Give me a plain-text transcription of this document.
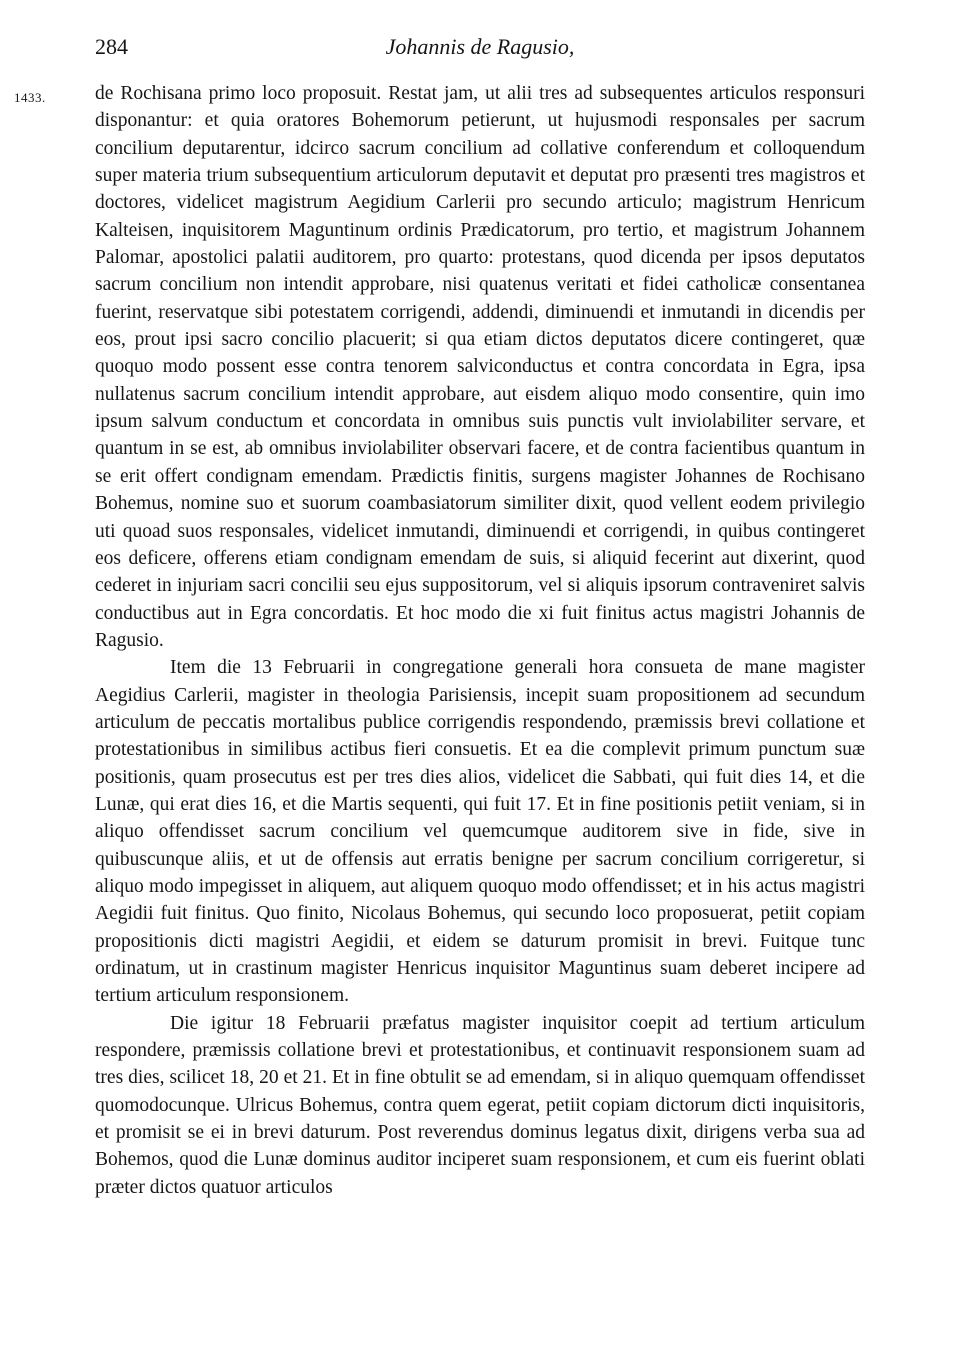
284	Johannis de Ragusio,
1433.	de Rochisana primo loco proposuit. Restat jam, ut alii tres ad subsequentes articulos responsuri disponantur: et quia oratores Bohemorum petierunt, ut hujusmodi responsales per sacrum concilium deputarentur, idcirco sacrum concilium ad collative conferendum et colloquendum super materia trium subsequentium articulorum deputavit et deputat pro præsenti tres magistros et doctores, videlicet magistrum Aegidium Carlerii pro secundo articulo; magistrum Henricum Kalteisen, inquisitorem Maguntinum ordinis Prædicatorum, pro tertio, et magistrum Johannem Palomar, apostolici palatii auditorem, pro quarto: protestans, quod dicenda per ipsos deputatos sacrum concilium non intendit approbare, nisi quatenus veritati et fidei catholicæ consentanea fuerint, reservatque sibi potestatem corrigendi, addendi, diminuendi et inmutandi in dicendis per eos, prout ipsi sacro concilio placuerit; si qua etiam dictos deputatos dicere contingeret, quæ quoquo modo possent esse contra tenorem salviconductus et contra concordata in Egra, ipsa nullatenus sacrum concilium intendit approbare, aut eisdem aliquo modo consentire, quin imo ipsum salvum conductum et concordata in omnibus suis punctis vult inviolabiliter servare, et quantum in se est, ab omnibus inviolabiliter observari facere, et de contra facientibus quantum in se erit offert condignam emendam. Prædictis finitis, surgens magister Johannes de Rochisano Bohemus, nomine suo et suorum coambasiatorum similiter dixit, quod vellent eodem privilegio uti quoad suos responsales, videlicet inmutandi, diminuendi et corrigendi, in quibus contingeret eos deficere, offerens etiam condignam emendam de suis, si aliquid fecerint aut dixerint, quod cederet in injuriam sacri concilii seu ejus suppositorum, vel si aliquis ipsorum contraveniret salvis conductibus aut in Egra concordatis. Et hoc modo die xi fuit finitus actus magistri Johannis de Ragusio.

Item die 13 Februarii in congregatione generali hora consueta de mane magister Aegidius Carlerii, magister in theologia Parisiensis, incepit suam propositionem ad secundum articulum de peccatis mortalibus publice corrigendis respondendo, præmissis brevi collatione et protestationibus in similibus actibus fieri consuetis. Et ea die complevit primum punctum suæ positionis, quam prosecutus est per tres dies alios, videlicet die Sabbati, qui fuit dies 14, et die Lunæ, qui erat dies 16, et die Martis sequenti, qui fuit 17. Et in fine positionis petiit veniam, si in aliquo offendisset sacrum concilium vel quemcumque auditorem sive in fide, sive in quibuscunque aliis, et ut de offensis aut erratis benigne per sacrum concilium corrigeretur, si aliquo modo impegisset in aliquem, aut aliquem quoquo modo offendisset; et in his actus magistri Aegidii fuit finitus. Quo finito, Nicolaus Bohemus, qui secundo loco proposuerat, petiit copiam propositionis dicti magistri Aegidii, et eidem se daturum promisit in brevi. Fuitque tunc ordinatum, ut in crastinum magister Henricus inquisitor Maguntinus suam deberet incipere ad tertium articulum responsionem.

Die igitur 18 Februarii præfatus magister inquisitor coepit ad tertium articulum respondere, præmissis collatione brevi et protestationibus, et continuavit responsionem suam ad tres dies, scilicet 18, 20 et 21. Et in fine obtulit se ad emendam, si in aliquo quemquam offendisset quomodocunque. Ulricus Bohemus, contra quem egerat, petiit copiam dictorum dicti inquisitoris, et promisit se ei in brevi daturum. Post reverendus dominus legatus dixit, dirigens verba sua ad Bohemos, quod die Lunæ dominus auditor inciperet suam responsionem, et cum eis fuerint oblati præter dictos quatuor articulos
